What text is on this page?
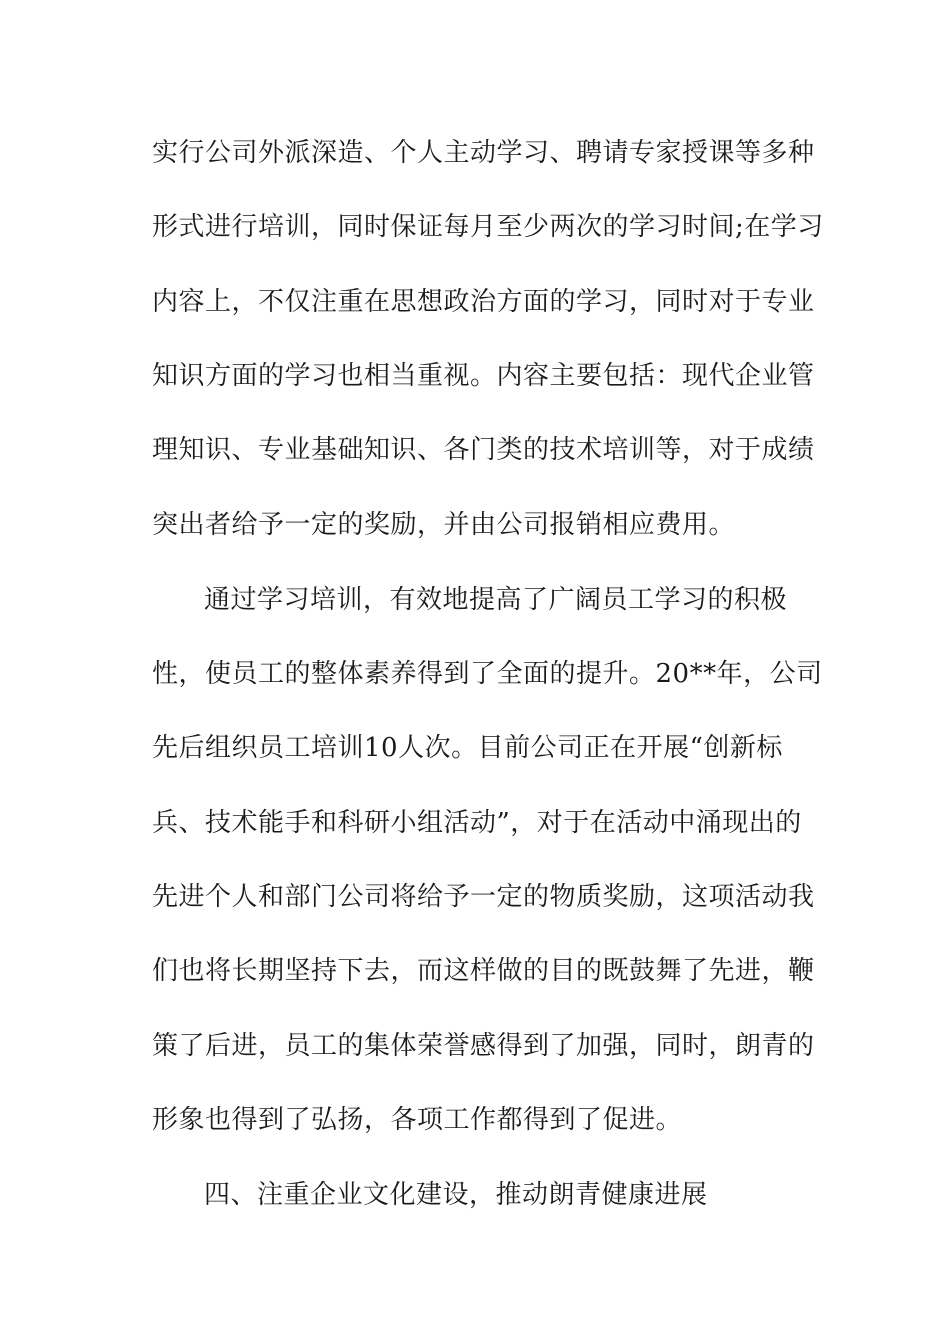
实行公司外派深造、个人主动学习、聘请专家授课等多种
形式进行培训，同时保证每月至少两次的学习时间;在学习
内容上，不仅注重在思想政治方面的学习，同时对于专业
知识方面的学习也相当重视。内容主要包括：现代企业管
理知识、专业基础知识、各门类的技术培训等，对于成绩
突出者给予一定的奖励，并由公司报销相应费用。
通过学习培训，有效地提高了广阔员工学习的积极
性，使员工的整体素养得到了全面的提升。20**年，公司
先后组织员工培训10人次。目前公司正在开展“创新标
兵、技术能手和科研小组活动”，对于在活动中涌现出的
先进个人和部门公司将给予一定的物质奖励，这项活动我
们也将长期坚持下去，而这样做的目的既鼓舞了先进，鞭
策了后进，员工的集体荣誉感得到了加强，同时，朗青的
形象也得到了弘扬，各项工作都得到了促进。
四、注重企业文化建设，推动朗青健康进展
